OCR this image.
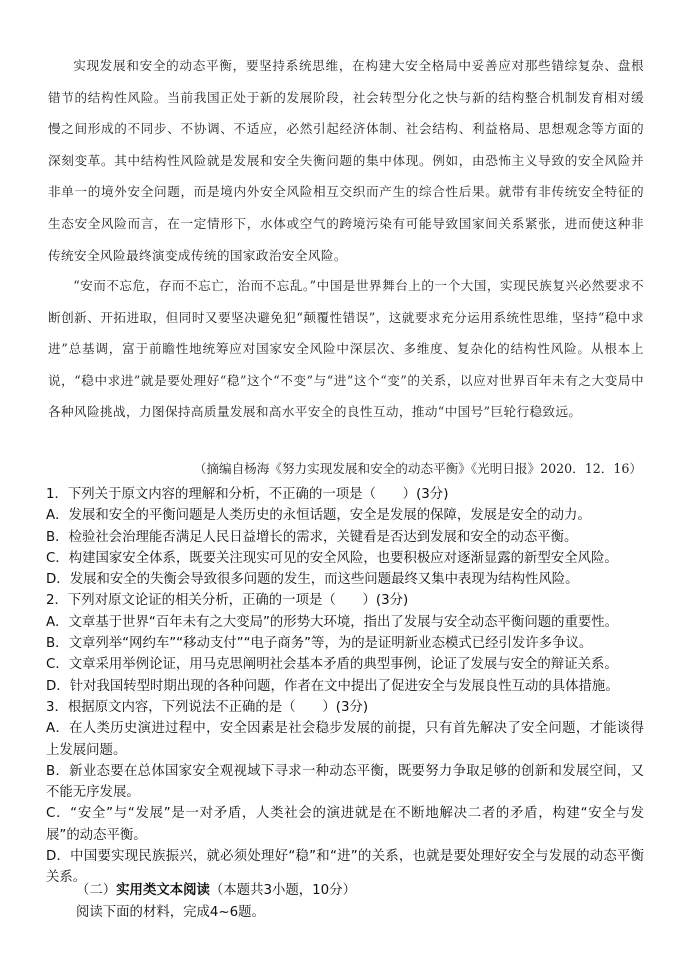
实现发展和安全的动态平衡，要坚持系统思维，在构建大安全格局中妥善应对那些错综复杂、盘根错节的结构性风险。当前我国正处于新的发展阶段，社会转型分化之快与新的结构整合机制发育相对缓慢之间形成的不同步、不协调、不适应，必然引起经济体制、社会结构、利益格局、思想观念等方面的深刻变革。其中结构性风险就是发展和安全失衡问题的集中体现。例如，由恐怖主义导致的安全风险并非单一的境外安全问题，而是境内外安全风险相互交织而产生的综合性后果。就带有非传统安全特征的生态安全风险而言，在一定情形下，水体或空气的跨境污染有可能导致国家间关系紧张，进而使这种非传统安全风险最终演变成传统的国家政治安全风险。

“安而不忘危，存而不忘亡，治而不忘乱。”中国是世界舞台上的一个大国，实现民族复兴必然要求不断创新、开拓进取，但同时又要坚决避免犯“颠覆性错误”，这就要求充分运用系统性思维，坚持“稳中求进”总基调，富于前瞻性地统筹应对国家安全风险中深层次、多维度、复杂化的结构性风险。从根本上说，“稳中求进”就是要处理好“稳”这个“不变”与“进”这个“变”的关系，以应对世界百年未有之大变局中各种风险挑战，力图保持高质量发展和高水平安全的良性互动，推动“中国号”巨轮行稳致远。

（摘编自杨海《努力实现发展和安全的动态平衡》《光明日报》2020．12．16）
1．下列关于原文内容的理解和分析，不正确的一项是（　　）(3分)
A．发展和安全的平衡问题是人类历史的永恒话题，安全是发展的保障，发展是安全的动力。
B．检验社会治理能否满足人民日益增长的需求，关键看是否达到发展和安全的动态平衡。
C．构建国家安全体系，既要关注现实可见的安全风险，也要积极应对逐渐显露的新型安全风险。
D．发展和安全的失衡会导致很多问题的发生，而这些问题最终又集中表现为结构性风险。
2．下列对原文论证的相关分析，正确的一项是（　　）(3分)
A．文章基于世界“百年未有之大变局”的形势大环境，指出了发展与安全动态平衡问题的重要性。
B．文章列举“网约车”“移动支付”“电子商务”等，为的是证明新业态模式已经引发许多争议。
C．文章采用举例论证，用马克思阐明社会基本矛盾的典型事例，论证了发展与安全的辩证关系。
D．针对我国转型时期出现的各种问题，作者在文中提出了促进安全与发展良性互动的具体措施。
3．根据原文内容，下列说法不正确的是（　　）(3分)
A．在人类历史演进过程中，安全因素是社会稳步发展的前提，只有首先解决了安全问题，才能谈得上发展问题。
B．新业态要在总体国家安全观视域下寻求一种动态平衡，既要努力争取足够的创新和发展空间，又不能无序发展。
C．“安全”与“发展”是一对矛盾，人类社会的演进就是在不断地解决二者的矛盾，构建“安全与发展”的动态平衡。
D．中国要实现民族振兴，就必须处理好“稳”和“进”的关系，也就是要处理好安全与发展的动态平衡关系。
（二）实用类文本阅读（本题共3小题，10分）
阅读下面的材料，完成4~6题。
